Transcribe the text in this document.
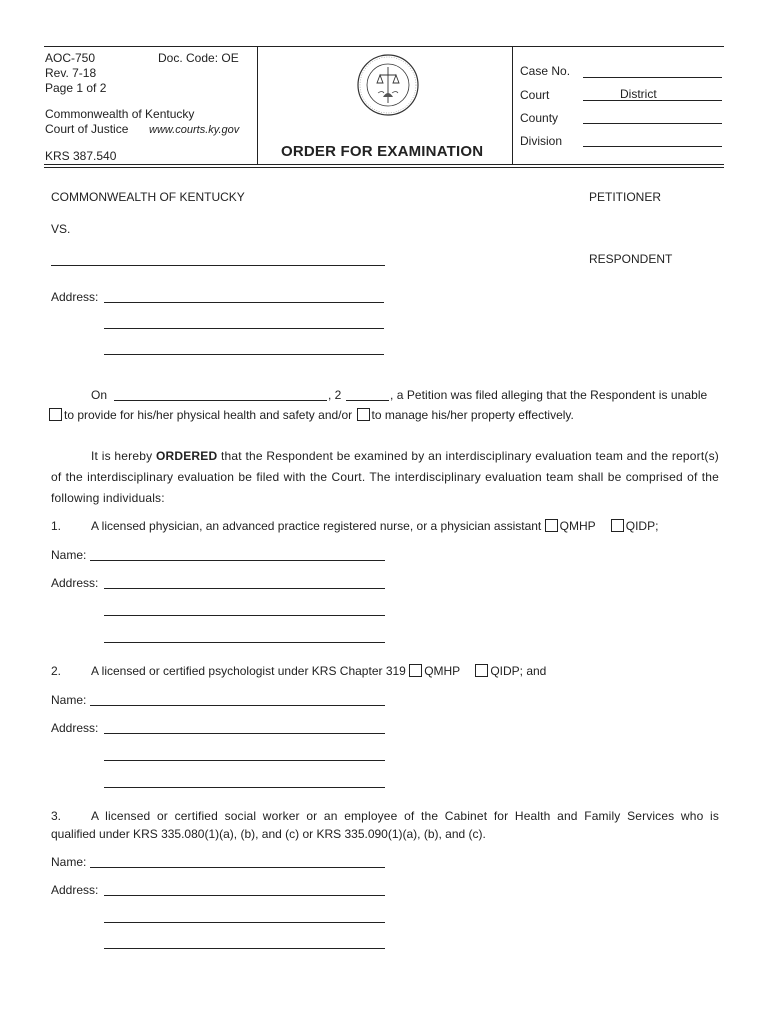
AOC-750	Doc. Code: OE
Rev. 7-18
Page 1 of 2
Commonwealth of Kentucky
Court of Justice www.courts.ky.gov
KRS 387.540	ORDER FOR EXAMINATION
Case No.
Court	District
County
Division
COMMONWEALTH OF KENTUCKY	PETITIONER
VS.
RESPONDENT
Address:
On	, 2	, a Petition was filed alleging that the Respondent is unable
to provide for his/her physical health and safety and/or to manage his/her property effectively.
It is hereby ORDERED that the Respondent be examined by an interdisciplinary evaluation team and the report(s) of the interdisciplinary evaluation be filed with the Court. The interdisciplinary evaluation team shall be comprised of the following individuals:
1. A licensed physician, an advanced practice registered nurse, or a physician assistant QMHP	QIDP;
Name:
Address:
2. A licensed or certified psychologist under KRS Chapter 319 QMHP	QIDP; and
Name:
Address:
3. A licensed or certified social worker or an employee of the Cabinet for Health and Family Services who is
qualified under KRS 335.080(1)(a), (b), and (c) or KRS 335.090(1)(a), (b), and (c).
Name:
Address:
